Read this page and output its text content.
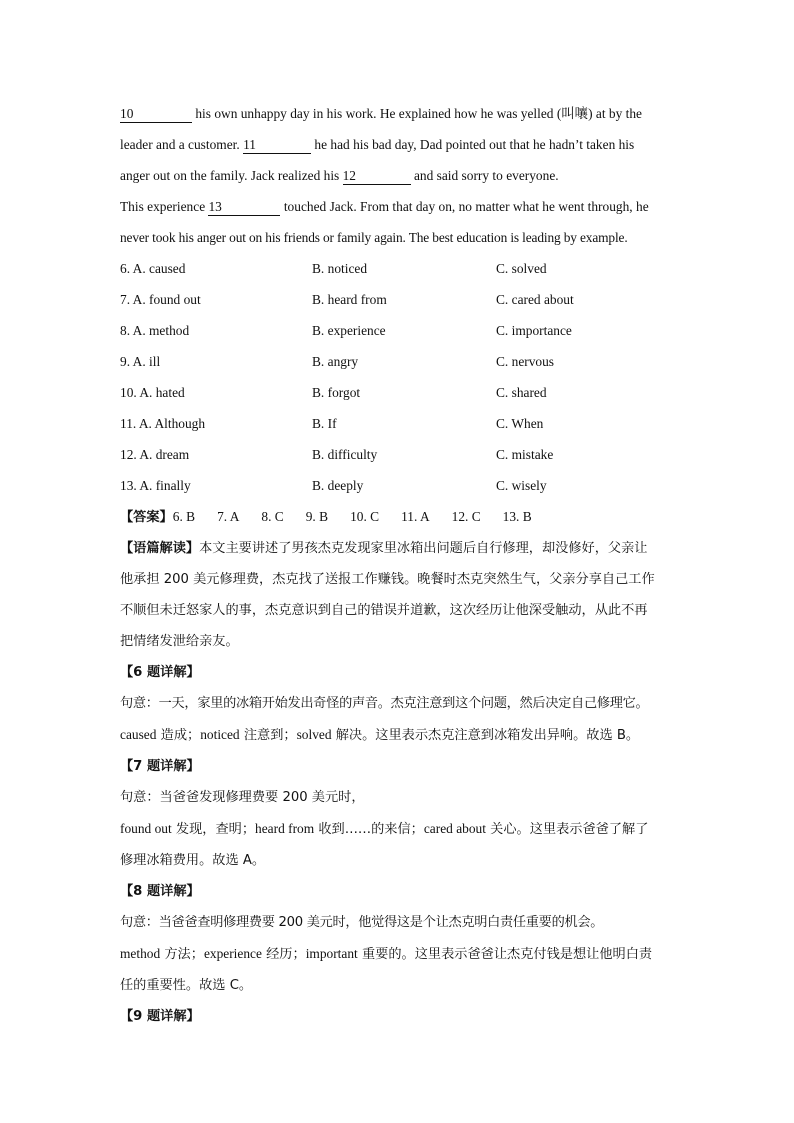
10	his own unhappy day in his work. He explained how he was yelled (叫嚷) at by the

leader and a customer. 11	he had his bad day, Dad pointed out that he hadn’t taken his

anger out on the family. Jack realized his 12	and said sorry to everyone.

This experience 13	touched Jack. From that day on, no matter what he went through, he

never took his anger out on his friends or family again. The best education is leading by example.

6. A. caused	B. noticed	C. solved
7. A. found out	B. heard from	C. cared about
8. A. method	B. experience	C. importance
9. A. ill	B. angry	C. nervous
10. A. hated	B. forgot	C. shared
11. A. Although	B. If	C. When
12. A. dream	B. difficulty	C. mistake
13. A. finally	B. deeply	C. wisely
【答案】 6. B 7. A 8. C 9. B 10. C 11. A 12. C 13. B

【语篇解读】本文主要讲述了男孩杰克发现家里冰箱出问题后自行修理，却没修好，父亲让

他承担 200 美元修理费，杰克找了送报工作赚钱。晚餐时杰克突然生气，父亲分享自己工作

不顺但未迁怒家人的事，杰克意识到自己的错误并道歉，这次经历让他深受触动，从此不再

把情绪发泄给亲友。

【6 题详解】

句意：一天，家里的冰箱开始发出奇怪的声音。杰克注意到这个问题，然后决定自己修理它。

caused 造成；noticed 注意到；solved 解决。这里表示杰克注意到冰箱发出异响。故选 B。

【7 题详解】

句意：当爸爸发现修理费要 200 美元时，

found out 发现，查明；heard from 收到……的来信；cared about 关心。这里表示爸爸了解了

修理冰箱费用。故选 A。

【8 题详解】

句意：当爸爸查明修理费要 200 美元时，他觉得这是个让杰克明白责任重要的机会。

method 方法；experience 经历；important 重要的。这里表示爸爸让杰克付钱是想让他明白责

任的重要性。故选 C。

【9 题详解】
